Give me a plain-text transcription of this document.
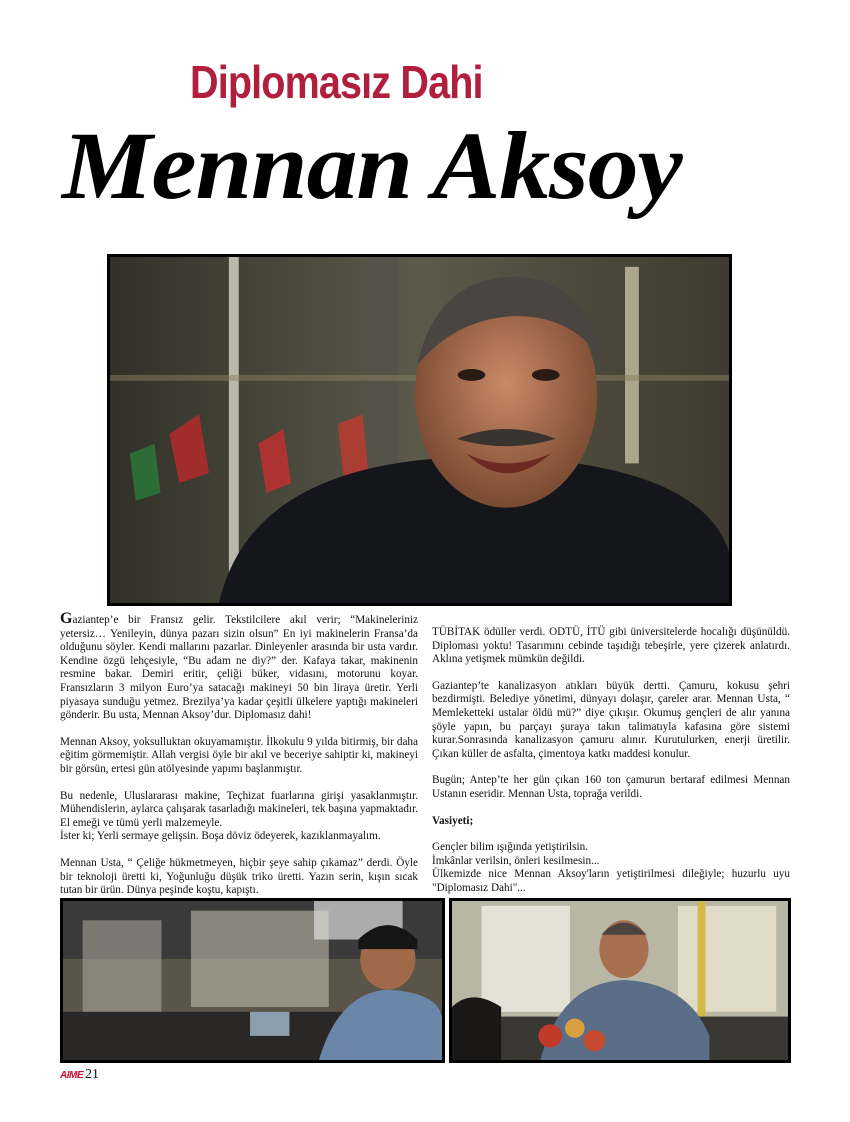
Diplomasız Dahi
Mennan Aksoy

Gaziantep’e bir Fransız gelir. Tekstilcilere akıl verir; “Makineleriniz yetersiz… Yenileyin, dünya pazarı sizin olsun” En iyi makinelerin Fransa’da olduğunu söyler. Kendi mallarını pazarlar. Dinleyenler arasında bir usta vardır. Kendine özgü lehçesiyle, “Bu adam ne diy?” der. Kafaya takar, makinenin resmine bakar. Demiri eritir, çeliği büker, vidasını, motorunu koyar. Fransızların 3 milyon Euro’ya satacağı makineyi 50 bin liraya üretir. Yerli piyasaya sunduğu yetmez. Brezilya’ya kadar çeşitli ülkelere yaptığı makineleri gönderir. Bu usta, Mennan Aksoy’dur. Diplomasız dahi!

Mennan Aksoy, yoksulluktan okuyamamıştır. İlkokulu 9 yılda bitirmiş, bir daha eğitim görmemiştir. Allah vergisi öyle bir akıl ve beceriye sahiptir ki, makineyi bir görsün, ertesi gün atölyesinde yapımı başlanmıştır.

Bu nedenle, Uluslararası makine, Teçhizat fuarlarına girişi yasaklanmıştır. Mühendislerin, aylarca çalışarak tasarladığı makineleri, tek başına yapmaktadır. El emeği ve tümü yerli malzemeyle.
İster ki; Yerli sermaye gelişsin. Boşa döviz ödeyerek, kazıklanmayalım.

Mennan Usta, “ Çeliğe hükmetmeyen, hiçbir şeye sahip çıkamaz” derdi. Öyle bir teknoloji üretti ki, Yoğunluğu düşük triko üretti. Yazın serin, kışın sıcak tutan bir ürün. Dünya peşinde koştu, kapıştı.

TÜBİTAK ödüller verdi. ODTÜ, İTÜ gibi üniversitelerde hocalığı düşünüldü. Diploması yoktu! Tasarımını cebinde taşıdığı tebeşirle, yere çizerek anlatırdı. Aklına yetişmek mümkün değildi.

Gaziantep’te kanalizasyon atıkları büyük dertti. Çamuru, kokusu şehri bezdirmişti. Belediye yönetimi, dünyayı dolaşır, çareler arar. Mennan Usta, “ Memleketteki ustalar öldü mü?” diye çıkışır. Okumuş gençleri de alır yanına şöyle yapın, bu parçayı şuraya takın talimatıyla kafasına göre sistemi kurar.Sonrasında kanalizasyon çamuru alınır. Kurutulurken, enerji üretilir. Çıkan küller de asfalta, çimentoya katkı maddesi konulur.

Bugün; Antep’te her gün çıkan 160 ton çamurun bertaraf edilmesi Mennan Ustanın eseridir. Mennan Usta, toprağa verildi.

Vasiyeti;

Gençler bilim ışığında yetiştirilsin.
İmkânlar verilsin, önleri kesilmesin...
Ülkemizde nice Mennan Aksoy'ların yetiştirilmesi dileğiyle; huzurlu uyu "Diplomasız Dahi"...

AIME 21
